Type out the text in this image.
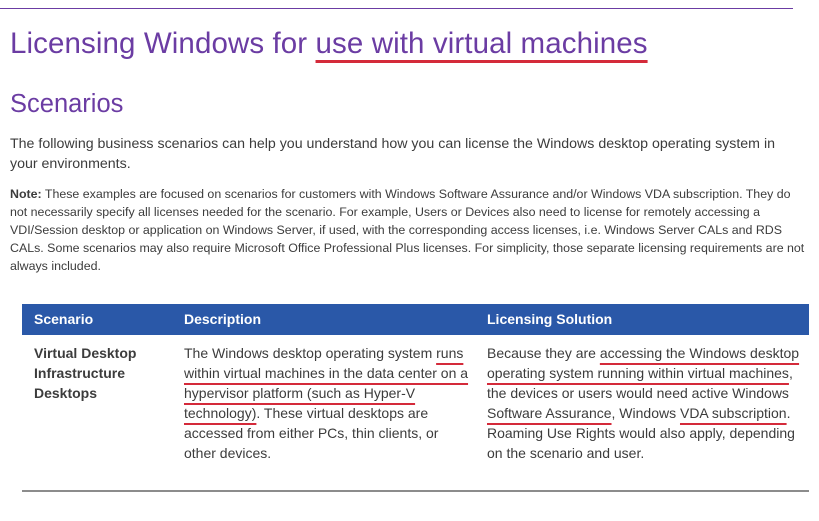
Licensing Windows for use with virtual machines
Scenarios

The following business scenarios can help you understand how you can license the Windows desktop operating system in your environments.

Note: These examples are focused on scenarios for customers with Windows Software Assurance and/or Windows VDA subscription. They do not necessarily specify all licenses needed for the scenario. For example, Users or Devices also need to license for remotely accessing a VDI/Session desktop or application on Windows Server, if used, with the corresponding access licenses, i.e. Windows Server CALs and RDS CALs. Some scenarios may also require Microsoft Office Professional Plus licenses. For simplicity, those separate licensing requirements are not always included.

Scenario	Description	Licensing Solution
Virtual Desktop Infrastructure Desktops
The Windows desktop operating system runs within virtual machines in the data center on a hypervisor platform (such as Hyper-V technology). These virtual desktops are accessed from either PCs, thin clients, or other devices.
Because they are accessing the Windows desktop operating system running within virtual machines, the devices or users would need active Windows Software Assurance, Windows VDA subscription. Roaming Use Rights would also apply, depending on the scenario and user.
